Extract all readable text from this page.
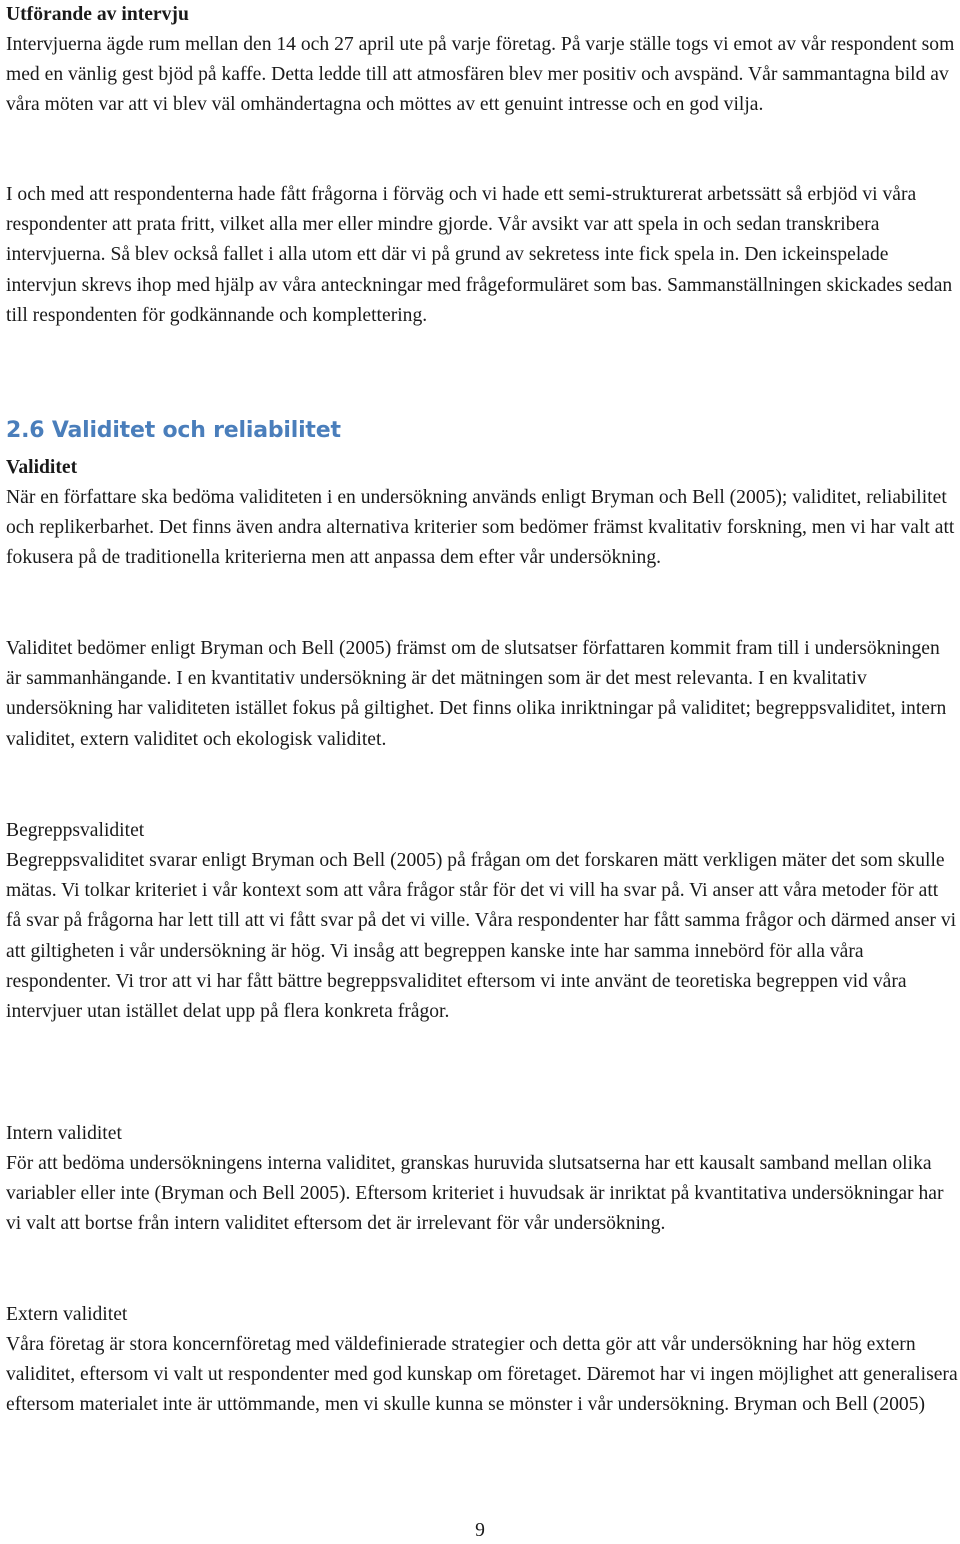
Utförande av intervju

Intervjuerna ägde rum mellan den 14 och 27 april ute på varje företag. På varje ställe togs vi emot av vår respondent som med en vänlig gest bjöd på kaffe. Detta ledde till att atmosfären blev mer positiv och avspänd. Vår sammantagna bild av våra möten var att vi blev väl omhändertagna och möttes av ett genuint intresse och en god vilja.

I och med att respondenterna hade fått frågorna i förväg och vi hade ett semi-strukturerat arbetssätt så erbjöd vi våra respondenter att prata fritt, vilket alla mer eller mindre gjorde. Vår avsikt var att spela in och sedan transkribera intervjuerna. Så blev också fallet i alla utom ett där vi på grund av sekretess inte fick spela in. Den ickeinspelade intervjun skrevs ihop med hjälp av våra anteckningar med frågeformuläret som bas. Sammanställningen skickades sedan till respondenten för godkännande och komplettering.

2.6 Validitet och reliabilitet
Validitet

När en författare ska bedöma validiteten i en undersökning används enligt Bryman och Bell (2005); validitet, reliabilitet och replikerbarhet. Det finns även andra alternativa kriterier som bedömer främst kvalitativ forskning, men vi har valt att fokusera på de traditionella kriterierna men att anpassa dem efter vår undersökning.

Validitet bedömer enligt Bryman och Bell (2005) främst om de slutsatser författaren kommit fram till i undersökningen är sammanhängande. I en kvantitativ undersökning är det mätningen som är det mest relevanta. I en kvalitativ undersökning har validiteten istället fokus på giltighet. Det finns olika inriktningar på validitet; begreppsvaliditet, intern validitet, extern validitet och ekologisk validitet.

Begreppsvaliditet

Begreppsvaliditet svarar enligt Bryman och Bell (2005) på frågan om det forskaren mätt verkligen mäter det som skulle mätas. Vi tolkar kriteriet i vår kontext som att våra frågor står för det vi vill ha svar på. Vi anser att våra metoder för att få svar på frågorna har lett till att vi fått svar på det vi ville. Våra respondenter har fått samma frågor och därmed anser vi att giltigheten i vår undersökning är hög. Vi insåg att begreppen kanske inte har samma innebörd för alla våra respondenter. Vi tror att vi har fått bättre begreppsvaliditet eftersom vi inte använt de teoretiska begreppen vid våra intervjuer utan istället delat upp på flera konkreta frågor.

Intern validitet

För att bedöma undersökningens interna validitet, granskas huruvida slutsatserna har ett kausalt samband mellan olika variabler eller inte (Bryman och Bell 2005). Eftersom kriteriet i huvudsak är inriktat på kvantitativa undersökningar har vi valt att bortse från intern validitet eftersom det är irrelevant för vår undersökning.

Extern validitet

Våra företag är stora koncernföretag med väldefinierade strategier och detta gör att vår undersökning har hög extern validitet, eftersom vi valt ut respondenter med god kunskap om företaget. Däremot har vi ingen möjlighet att generalisera eftersom materialet inte är uttömmande, men vi skulle kunna se mönster i vår undersökning. Bryman och Bell (2005)

9
